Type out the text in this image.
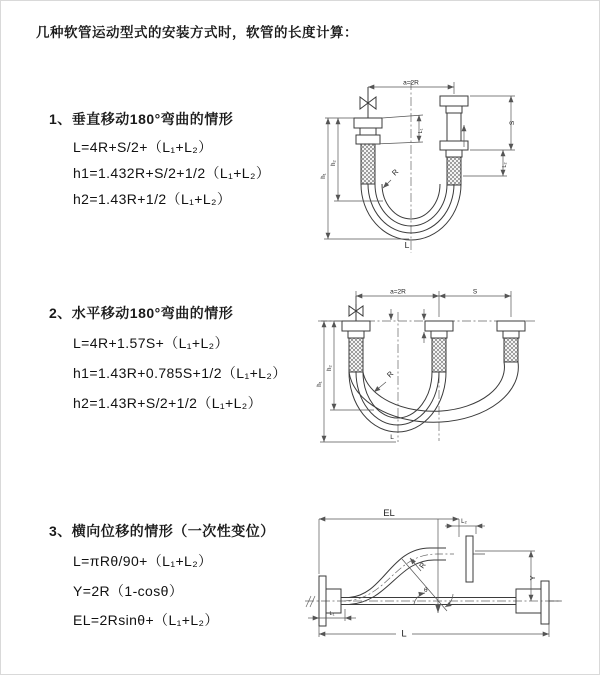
几种软管运动型式的安装方式时，软管的长度计算：
1、垂直移动180°弯曲的情形
L=4R+S/2+（L₁+L₂）
h1=1.432R+S/2+1/2（L₁+L₂）
h2=1.43R+1/2（L₁+L₂）
2、水平移动180°弯曲的情形
L=4R+1.57S+（L₁+L₂）
h1=1.43R+0.785S+1/2（L₁+L₂）
h2=1.43R+S/2+1/2（L₁+L₂）
3、横向位移的情形（一次性变位）
L=πRθ/90+（L₁+L₂）
Y=2R（1-cosθ）
EL=2Rsinθ+（L₁+L₂）
a=2R
L₁
h₁
h₂
S
L₂
R
L
a=2R	S
h₁
h₂
R
L
EL
L₂
Y
θ
R
L
L₁
